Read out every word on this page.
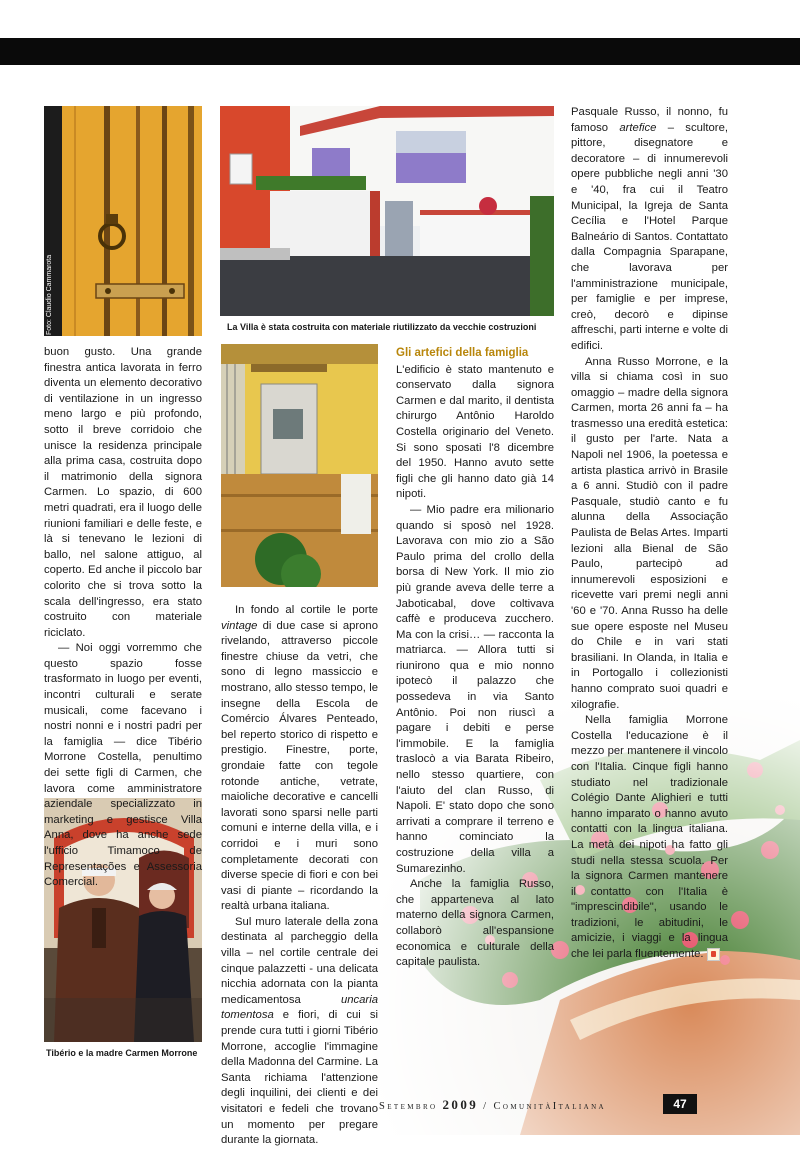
Foto: Claudio Cammarota	La Villa è stata costruita con materiale riutilizzato da vecchie costruzioni
Tibério e la madre Carmen Morrone

buon gusto. Una grande finestra antica lavorata in ferro diventa un elemento decorativo di ventilazione in un ingresso meno largo e più profondo, sotto il breve corridoio che unisce la residenza principale alla prima casa, costruita dopo il matrimonio della signora Carmen. Lo spazio, di 600 metri quadrati, era il luogo delle riunioni familiari e delle feste, e là si tenevano le lezioni di ballo, nel salone attiguo, al coperto. Ed anche il piccolo bar colorito che si trova sotto la scala dell'ingresso, era stato costruito con materiale riciclato.

— Noi oggi vorremmo che questo spazio fosse trasformato in luogo per eventi, incontri culturali e serate musicali, come facevano i nostri nonni e i nostri padri per la famiglia — dice Tibério Morrone Costella, penultimo dei sette figli di Carmen, che lavora come amministratore aziendale specializzato in marketing e gestisce Villa Anna, dove ha anche sede l'ufficio Timamoco de Representações e Assessoria Comercial.

In fondo al cortile le porte vintage di due case si aprono rivelando, attraverso piccole finestre chiuse da vetri, che sono di legno massiccio e mostrano, allo stesso tempo, le insegne della Escola de Comércio Álvares Penteado, bel reperto storico di rispetto e prestigio. Finestre, porte, grondaie fatte con tegole rotonde antiche, vetrate, maioliche decorative e cancelli lavorati sono sparsi nelle parti comuni e interne della villa, e i corridoi e i muri sono completamente decorati con diverse specie di fiori e con bei vasi di piante – ricordando la realtà urbana italiana.

Sul muro laterale della zona destinata al parcheggio della villa – nel cortile centrale dei cinque palazzetti - una delicata nicchia adornata con la pianta medicamentosa uncaria tomentosa e fiori, di cui si prende cura tutti i giorni Tibério Morrone, accoglie l'immagine della Madonna del Carmine. La Santa richiama l'attenzione degli inquilini, dei clienti e dei visitatori e fedeli che trovano un momento per pregare durante la giornata.

Gli artefici della famiglia

L'edificio è stato mantenuto e conservato dalla signora Carmen e dal marito, il dentista chirurgo Antônio Haroldo Costella originario del Veneto. Si sono sposati l'8 dicembre del 1950. Hanno avuto sette figli che gli hanno dato già 14 nipoti.

— Mio padre era milionario quando si sposò nel 1928. Lavorava con mio zio a São Paulo prima del crollo della borsa di New York. Il mio zio più grande aveva delle terre a Jaboticabal, dove coltivava caffè e produceva zucchero. Ma con la crisi… — racconta la matriarca. — Allora tutti si riunirono qua e mio nonno ipotecò il palazzo che possedeva in via Santo Antônio. Poi non riuscì a pagare i debiti e perse l'immobile. E la famiglia traslocò a via Barata Ribeiro, nello stesso quartiere, con l'aiuto del clan Russo, di Napoli. E' stato dopo che sono arrivati a comprare il terreno e hanno cominciato la costruzione della villa a Sumarezinho.

Anche la famiglia Russo, che apparteneva al lato materno della signora Carmen, collaborò all'espansione economica e culturale della capitale paulista.

Pasquale Russo, il nonno, fu famoso artefice – scultore, pittore, disegnatore e decoratore – di innumerevoli opere pubbliche negli anni '30 e '40, fra cui il Teatro Municipal, la Igreja de Santa Cecília e l'Hotel Parque Balneário di Santos. Contattato dalla Compagnia Sparapane, che lavorava per l'amministrazione municipale, per famiglie e per imprese, creò, decorò e dipinse affreschi, parti interne e volte di edifici.

Anna Russo Morrone, e la villa si chiama così in suo omaggio – madre della signora Carmen, morta 26 anni fa – ha trasmesso una eredità estetica: il gusto per l'arte. Nata a Napoli nel 1906, la poetessa e artista plastica arrivò in Brasile a 6 anni. Studiò con il padre Pasquale, studiò canto e fu alunna della Associação Paulista de Belas Artes. Imparti lezioni alla Bienal de São Paulo, partecipò ad innumerevoli esposizioni e ricevette vari premi negli anni '60 e '70. Anna Russo ha delle sue opere esposte nel Museu do Chile e in vari stati brasiliani. In Olanda, in Italia e in Portogallo i collezionisti hanno comprato suoi quadri e xilografie.

Nella famiglia Morrone Costella l'educazione è il mezzo per mantenere il vincolo con l'Italia. Cinque figli hanno studiato nel tradizionale Colégio Dante Alighieri e tutti hanno imparato o hanno avuto contatti con la lingua italiana. La metà dei nipoti ha fatto gli studi nella stessa scuola. Per la signora Carmen mantenere il contatto con l'Italia è "imprescindibile", usando le tradizioni, le abitudini, le amicizie, i viaggi e la lingua che lei parla fluentemente.

Setembro 2009 / ComunitàItaliana	47
